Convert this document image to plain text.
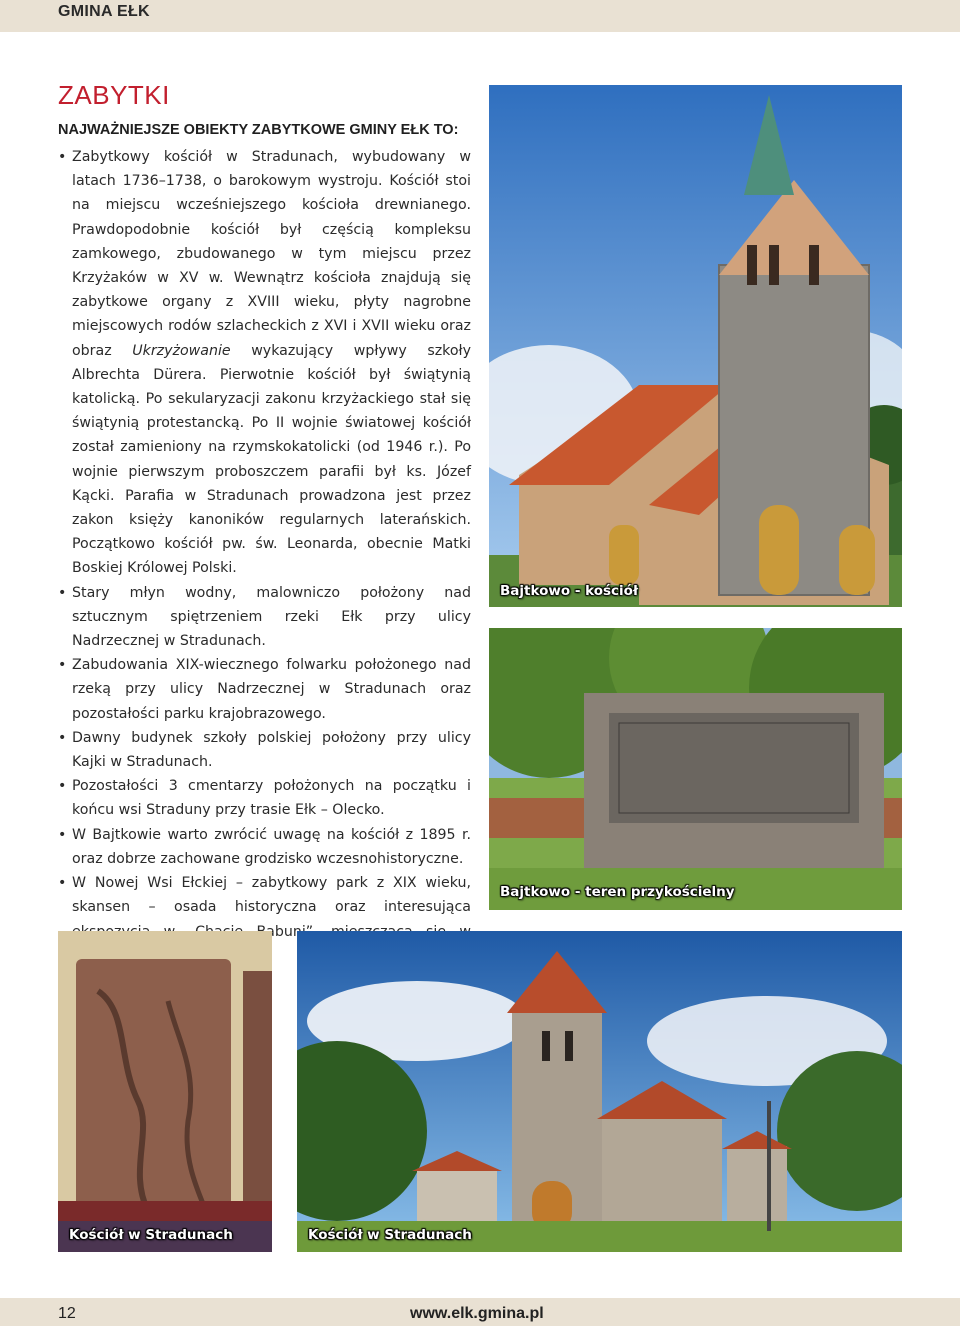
GMINA EŁK
ZABYTKI
NAJWAŻNIEJSZE OBIEKTY ZABYTKOWE GMINY EŁK TO:
• Zabytkowy kościół w Stradunach, wybudowany w latach 1736–1738, o barokowym wystroju. Kościół stoi na miejscu wcześniejszego kościoła drewnianego. Prawdopodobnie kościół był częścią kompleksu zamkowego, zbudowanego w tym miejscu przez Krzyżaków w XV w. Wewnątrz kościoła znajdują się zabytkowe organy z XVIII wieku, płyty nagrobne miejscowych rodów szlacheckich z XVI i XVII wieku oraz obraz Ukrzyżowanie wykazujący wpływy szkoły Albrechta Dürera. Pierwotnie kościół był świątynią katolicką. Po sekularyzacji zakonu krzyżackiego stał się świątynią protestancką. Po II wojnie światowej kościół został zamieniony na rzymskokatolicki (od 1946 r.). Po wojnie pierwszym proboszczem parafii był ks. Józef Kącki. Parafia w Stradunach prowadzona jest przez zakon księży kanoników regularnych laterańskich. Początkowo kościół pw. św. Leonarda, obecnie Matki Boskiej Królowej Polski.
• Stary młyn wodny, malowniczo położony nad sztucznym spiętrzeniem rzeki Ełk przy ulicy Nadrzecznej w Stradunach.
• Zabudowania XIX-wiecznego folwarku położonego nad rzeką przy ulicy Nadrzecznej w Stradunach oraz pozostałości parku krajobrazowego.
• Dawny budynek szkoły polskiej położony przy ulicy Kajki w Stradunach.
• Pozostałości 3 cmentarzy położonych na początku i końcu wsi Straduny przy trasie Ełk – Olecko.
• W Bajtkowie warto zwrócić uwagę na kościół z 1895 r. oraz dobrze zachowane grodzisko wczesnohistoryczne.
• W Nowej Wsi Ełckiej – zabytkowy park z XIX wieku, skansen – osada historyczna oraz interesująca Babuni”,
Bajtkowo - kościół
Bajtkowo - teren przykościelny
Kościół w Stradunach	Kościół w Stradunach
12	www.elk.gmina.pl
